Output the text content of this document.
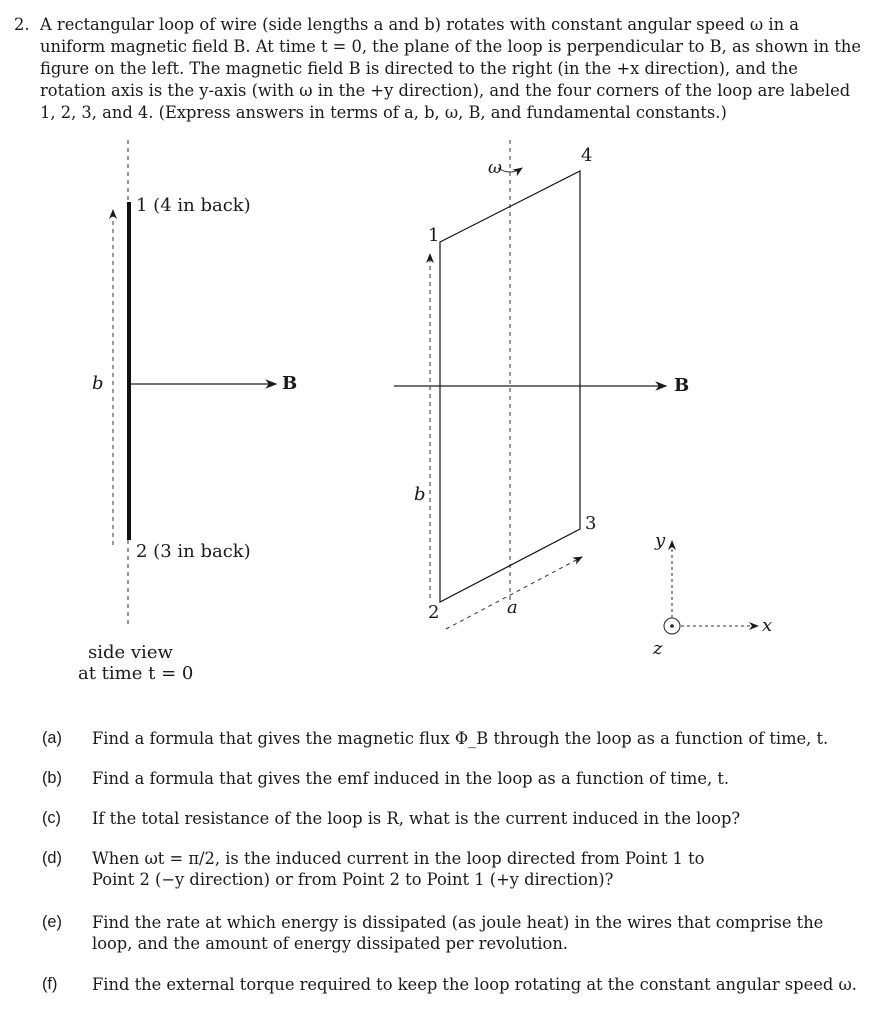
2. A rectangular loop of wire (side lengths a and b) rotates with constant angular speed ω in a uniform magnetic field B. At time t = 0, the plane of the loop is perpendicular to B, as shown in the figure on the left. The magnetic field B is directed to the right (in the +x direction), and the rotation axis is the y-axis (with ω in the +y direction), and the four corners of the loop are labeled 1, 2, 3, and 4. (Express answers in terms of a, b, ω, B, and fundamental constants.)
1 (4 in back)
2 (3 in back)
b	B
side view
at time t = 0
ω
1
2
3
4
b
a
B
y
x
z
(a) Find a formula that gives the magnetic flux Φ_B through the loop as a function of time, t.
(b) Find a formula that gives the emf induced in the loop as a function of time, t.
(c) If the total resistance of the loop is R, what is the current induced in the loop?
(d) When ωt = π/2, is the induced current in the loop directed from Point 1 to Point 2 (−y direction) or from Point 2 to Point 1 (+y direction)?
(e) Find the rate at which energy is dissipated (as joule heat) in the wires that comprise the loop, and the amount of energy dissipated per revolution.
(f) Find the external torque required to keep the loop rotating at the constant angular speed ω.
